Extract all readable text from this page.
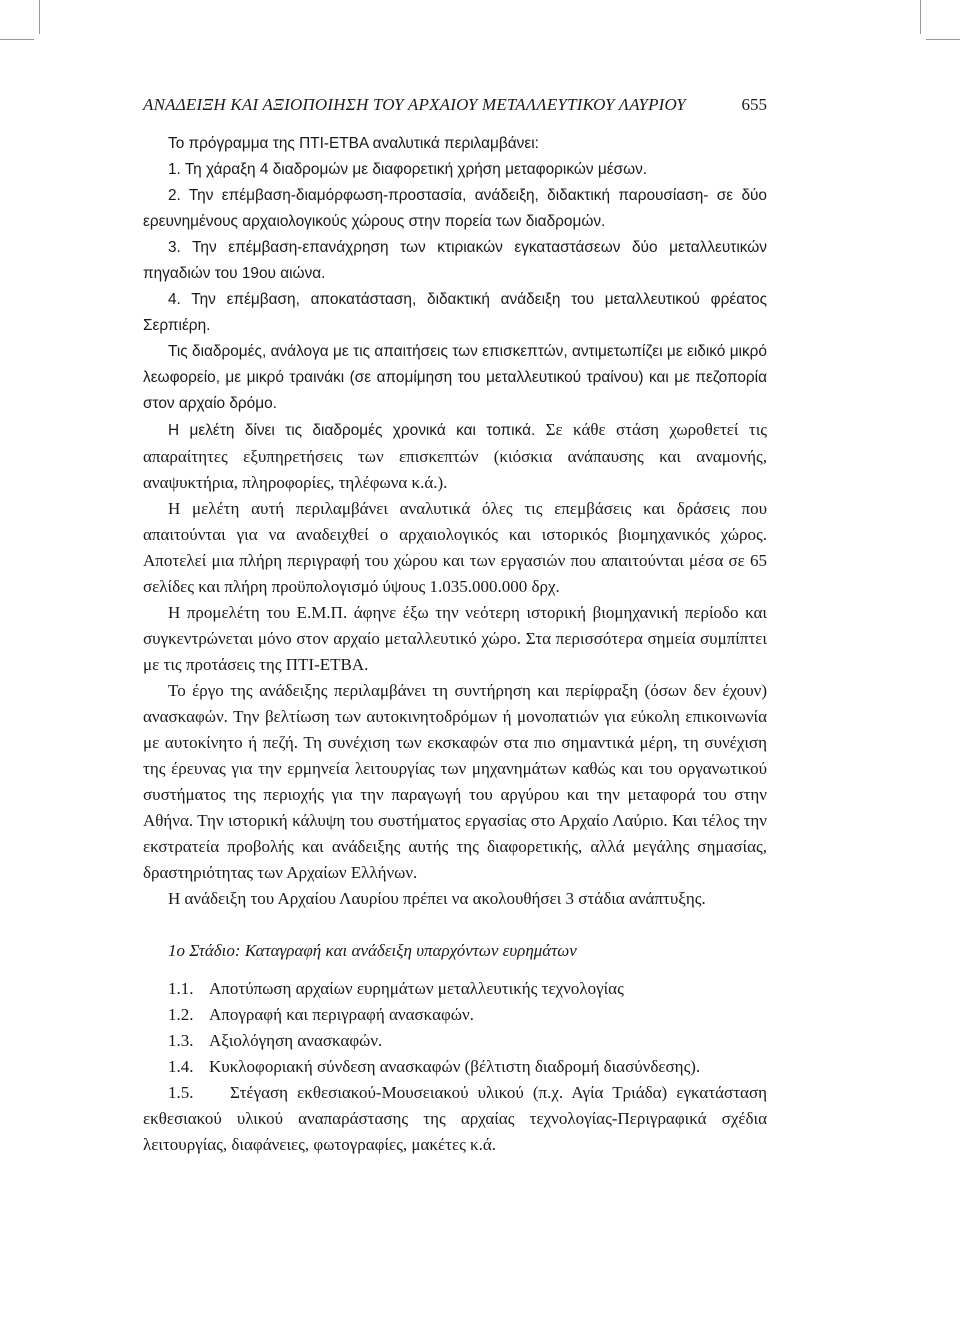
ΑΝΑΔΕΙΞΗ ΚΑΙ ΑΞΙΟΠΟΙΗΣΗ ΤΟΥ ΑΡΧΑΙΟΥ ΜΕΤΑΛΛΕΥΤΙΚΟΥ ΛΑΥΡΙΟΥ	655

Το πρόγραμμα της ΠΤΙ-ΕΤΒΑ αναλυτικά περιλαμβάνει:

1. Τη χάραξη 4 διαδρομών με διαφορετική χρήση μεταφορικών μέσων.

2. Την επέμβαση-διαμόρφωση-προστασία, ανάδειξη, διδακτική παρουσίαση- σε δύο ερευνημένους αρχαιολογικούς χώρους στην πορεία των διαδρομών.

3. Την επέμβαση-επανάχρηση των κτιριακών εγκαταστάσεων δύο μεταλλευτικών πηγαδιών του 19ου αιώνα.

4. Την επέμβαση, αποκατάσταση, διδακτική ανάδειξη του μεταλλευτικού φρέατος Σερπιέρη.

Τις διαδρομές, ανάλογα με τις απαιτήσεις των επισκεπτών, αντιμετωπίζει με ειδικό μικρό λεωφορείο, με μικρό τραινάκι (σε απομίμηση του μεταλλευτικού τραίνου) και με πεζοπορία στον αρχαίο δρόμο.

Η μελέτη δίνει τις διαδρομές χρονικά και τοπικά. Σε κάθε στάση χωροθετεί τις απαραίτητες εξυπηρετήσεις των επισκεπτών (κιόσκια ανάπαυσης και αναμονής, αναψυκτήρια, πληροφορίες, τηλέφωνα κ.ά.).

Η μελέτη αυτή περιλαμβάνει αναλυτικά όλες τις επεμβάσεις και δράσεις που απαιτούνται για να αναδειχθεί ο αρχαιολογικός και ιστορικός βιομηχανικός χώρος. Αποτελεί μια πλήρη περιγραφή του χώρου και των εργασιών που απαιτούνται μέσα σε 65 σελίδες και πλήρη προϋπολογισμό ύψους 1.035.000.000 δρχ.

Η προμελέτη του Ε.Μ.Π. άφηνε έξω την νεότερη ιστορική βιομηχανική περίοδο και συγκεντρώνεται μόνο στον αρχαίο μεταλλευτικό χώρο. Στα περισσότερα σημεία συμπίπτει με τις προτάσεις της ΠΤΙ-ΕΤΒΑ.

Το έργο της ανάδειξης περιλαμβάνει τη συντήρηση και περίφραξη (όσων δεν έχουν) ανασκαφών. Την βελτίωση των αυτοκινητοδρόμων ή μονοπατιών για εύκολη επικοινωνία με αυτοκίνητο ή πεζή. Τη συνέχιση των εκσκαφών στα πιο σημαντικά μέρη, τη συνέχιση της έρευνας για την ερμηνεία λειτουργίας των μηχανημάτων καθώς και του οργανωτικού συστήματος της περιοχής για την παραγωγή του αργύρου και την μεταφορά του στην Αθήνα. Την ιστορική κάλυψη του συστήματος εργασίας στο Αρχαίο Λαύριο. Και τέλος την εκστρατεία προβολής και ανάδειξης αυτής της διαφορετικής, αλλά μεγάλης σημασίας, δραστηριότητας των Αρχαίων Ελλήνων.

Η ανάδειξη του Αρχαίου Λαυρίου πρέπει να ακολουθήσει 3 στάδια ανάπτυξης.

1ο Στάδιο: Καταγραφή και ανάδειξη υπαρχόντων ευρημάτων
1.1. Αποτύπωση αρχαίων ευρημάτων μεταλλευτικής τεχνολογίας
1.2. Απογραφή και περιγραφή ανασκαφών.
1.3. Αξιολόγηση ανασκαφών.
1.4. Κυκλοφοριακή σύνδεση ανασκαφών (βέλτιστη διαδρομή διασύνδεσης).

1.5. Στέγαση εκθεσιακού-Μουσειακού υλικού (π.χ. Αγία Τριάδα) εγκατάσταση εκθεσιακού υλικού αναπαράστασης της αρχαίας τεχνολογίας-Περιγραφικά σχέδια λειτουργίας, διαφάνειες, φωτογραφίες, μακέτες κ.ά.
